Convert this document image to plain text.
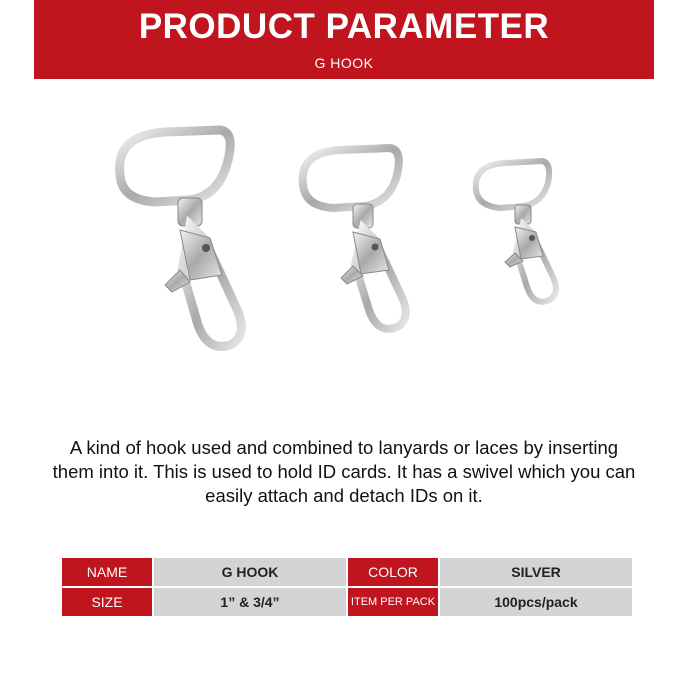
PRODUCT PARAMETER
G HOOK
A kind of hook used and combined to lanyards or laces by inserting them into it. This is used to hold ID cards. It has a swivel which you can easily attach and detach IDs on it.
NAME	G HOOK	COLOR	SILVER
SIZE	1” & 3/4”	ITEM PER PACK	100pcs/pack
